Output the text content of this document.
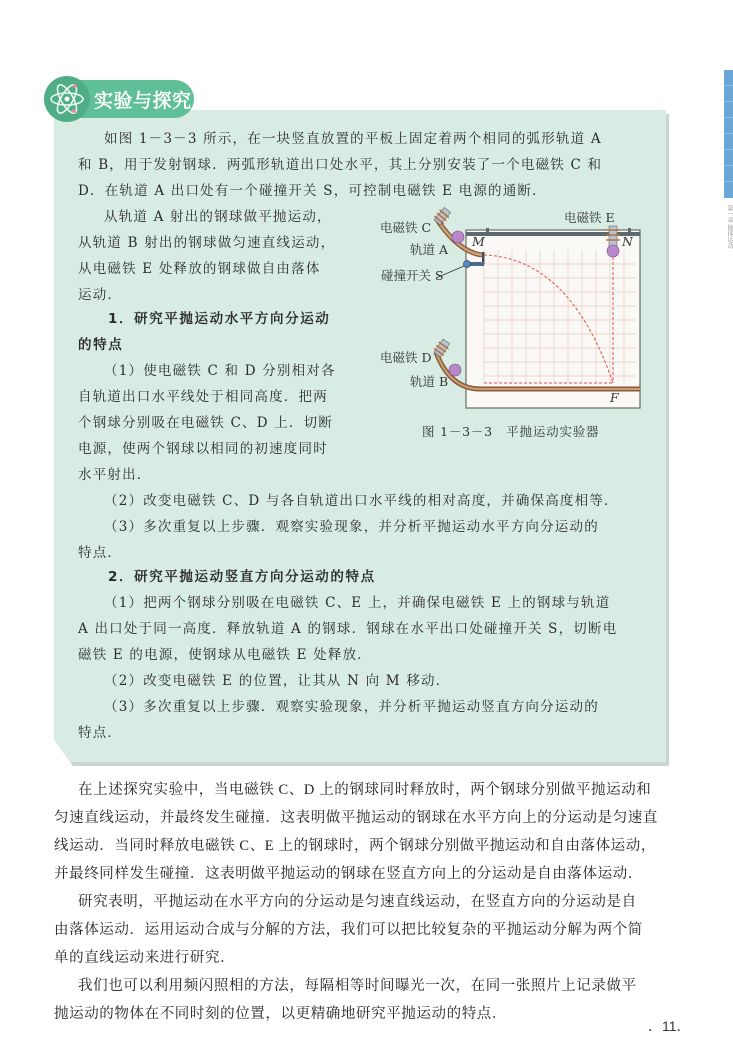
第一章 抛体运动
实验与探究
如图 1－3－3 所示，在一块竖直放置的平板上固定着两个相同的弧形轨道 A
和 B，用于发射钢球．两弧形轨道出口处水平，其上分别安装了一个电磁铁 C 和
D．在轨道 A 出口处有一个碰撞开关 S，可控制电磁铁 E 电源的通断．
从轨道 A 射出的钢球做平抛运动，
从轨道 B 射出的钢球做匀速直线运动，
从电磁铁 E 处释放的钢球做自由落体
运动．
1．研究平抛运动水平方向分运动
的特点
（1）使电磁铁 C 和 D 分别相对各
自轨道出口水平线处于相同高度．把两
个钢球分别吸在电磁铁 C、D 上．切断
电源，使两个钢球以相同的初速度同时
水平射出．
（2）改变电磁铁 C、D 与各自轨道出口水平线的相对高度，并确保高度相等．
（3）多次重复以上步骤．观察实验现象，并分析平抛运动水平方向分运动的
特点．
2．研究平抛运动竖直方向分运动的特点
（1）把两个钢球分别吸在电磁铁 C、E 上，并确保电磁铁 E 上的钢球与轨道
A 出口处于同一高度．释放轨道 A 的钢球．钢球在水平出口处碰撞开关 S，切断电
磁铁 E 的电源，使钢球从电磁铁 E 处释放．
（2）改变电磁铁 E 的位置，让其从 N 向 M 移动．
（3）多次重复以上步骤．观察实验现象，并分析平抛运动竖直方向分运动的
特点．
电磁铁 C
轨道 A
碰撞开关 S
电磁铁 E
M	N
电磁铁 D
轨道 B
F
图 1－3－3　平抛运动实验器
在上述探究实验中，当电磁铁 C、D 上的钢球同时释放时，两个钢球分别做平抛运动和
匀速直线运动，并最终发生碰撞．这表明做平抛运动的钢球在水平方向上的分运动是匀速直
线运动．当同时释放电磁铁 C、E 上的钢球时，两个钢球分别做平抛运动和自由落体运动，
并最终同样发生碰撞．这表明做平抛运动的钢球在竖直方向上的分运动是自由落体运动．
研究表明，平抛运动在水平方向的分运动是匀速直线运动，在竖直方向的分运动是自
由落体运动．运用运动合成与分解的方法，我们可以把比较复杂的平抛运动分解为两个简
单的直线运动来进行研究．
我们也可以利用频闪照相的方法，每隔相等时间曝光一次，在同一张照片上记录做平
抛运动的物体在不同时刻的位置，以更精确地研究平抛运动的特点．
．11．
